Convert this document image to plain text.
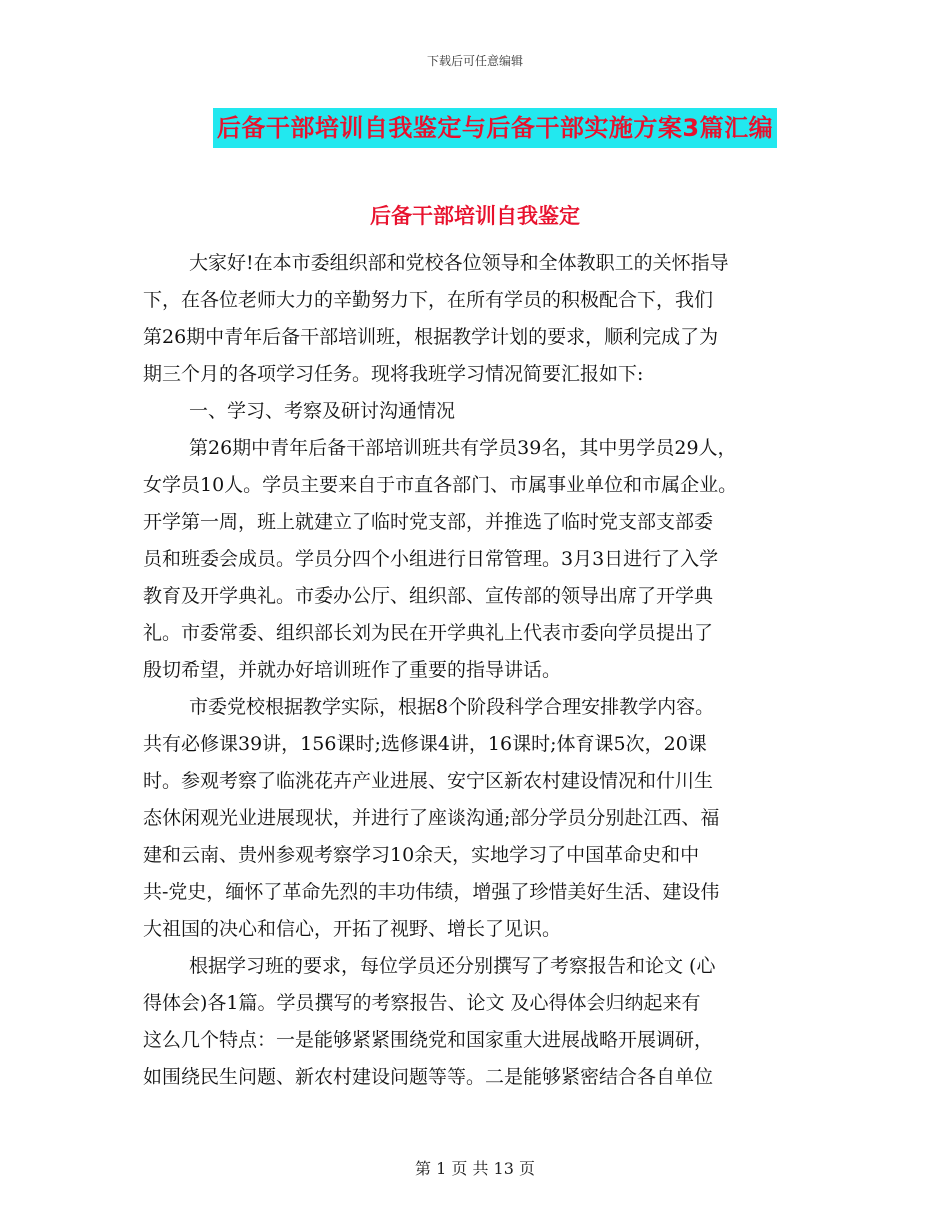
下载后可任意编辑
后备干部培训自我鉴定与后备干部实施方案3篇汇编
后备干部培训自我鉴定

大家好!在本市委组织部和党校各位领导和全体教职工的关怀指导

下，在各位老师大力的辛勤努力下，在所有学员的积极配合下，我们

第26期中青年后备干部培训班，根据教学计划的要求，顺利完成了为

期三个月的各项学习任务。现将我班学习情况简要汇报如下:

一、学习、考察及研讨沟通情况

第26期中青年后备干部培训班共有学员39名，其中男学员29人，

女学员10人。学员主要来自于市直各部门、市属事业单位和市属企业。

开学第一周，班上就建立了临时党支部，并推选了临时党支部支部委

员和班委会成员。学员分四个小组进行日常管理。3月3日进行了入学

教育及开学典礼。市委办公厅、组织部、宣传部的领导出席了开学典

礼。市委常委、组织部长刘为民在开学典礼上代表市委向学员提出了

殷切希望，并就办好培训班作了重要的指导讲话。

市委党校根据教学实际，根据8个阶段科学合理安排教学内容。

共有必修课39讲，156课时;选修课4讲，16课时;体育课5次，20课

时。参观考察了临洮花卉产业进展、安宁区新农村建设情况和什川生

态休闲观光业进展现状，并进行了座谈沟通;部分学员分别赴江西、福

建和云南、贵州参观考察学习10余天，实地学习了中国革命史和中

共-党史，缅怀了革命先烈的丰功伟绩，增强了珍惜美好生活、建设伟

大祖国的决心和信心，开拓了视野、增长了见识。

根据学习班的要求，每位学员还分别撰写了考察报告和论文 (心

得体会)各1篇。学员撰写的考察报告、论文 及心得体会归纳起来有

这么几个特点：一是能够紧紧围绕党和国家重大进展战略开展调研，

如围绕民生问题、新农村建设问题等等。二是能够紧密结合各自单位

第 1 页 共 13 页
